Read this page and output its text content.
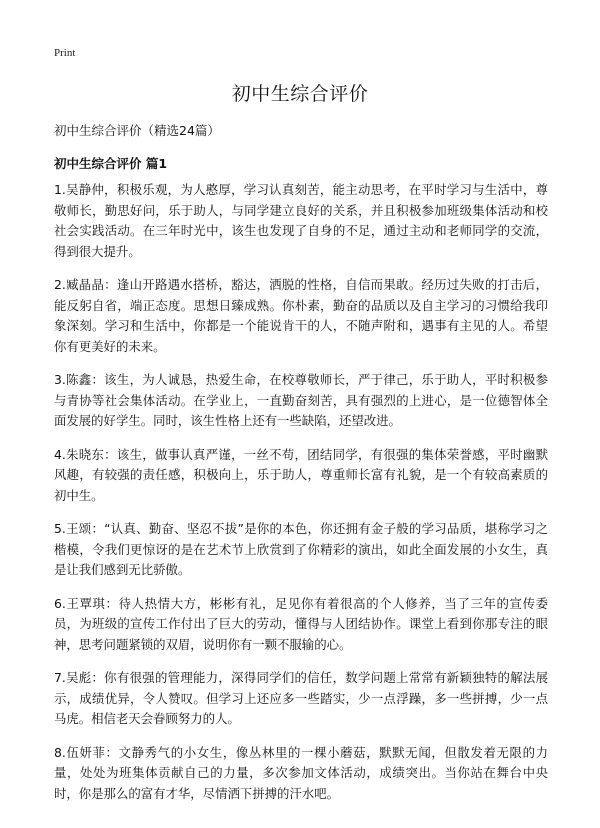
Print
初中生综合评价

初中生综合评价（精选24篇）

初中生综合评价 篇1

1.吴静仲，积极乐观，为人憨厚，学习认真刻苦，能主动思考，在平时学习与生活中，尊敬师长，勤思好问，乐于助人，与同学建立良好的关系，并且积极参加班级集体活动和校社会实践活动。在三年时光中，该生也发现了自身的不足，通过主动和老师同学的交流，得到很大提升。

2.臧晶晶：逢山开路遇水搭桥，豁达，洒脱的性格，自信而果敢。经历过失败的打击后，能反躬自省，端正态度。思想日臻成熟。你朴素，勤奋的品质以及自主学习的习惯给我印象深刻。学习和生活中，你都是一个能说肯干的人，不随声附和，遇事有主见的人。希望你有更美好的未来。

3.陈鑫：该生，为人诚恳，热爱生命，在校尊敬师长，严于律己，乐于助人，平时积极参与青协等社会集体活动。在学业上，一直勤奋刻苦，具有强烈的上进心，是一位德智体全面发展的好学生。同时，该生性格上还有一些缺陷，还望改进。

4.朱晓东：该生，做事认真严谨，一丝不苟，团结同学，有很强的集体荣誉感，平时幽默风趣，有较强的责任感，积极向上，乐于助人，尊重师长富有礼貌，是一个有较高素质的初中生。

5.王颂：“认真、勤奋、坚忍不拔”是你的本色，你还拥有金子般的学习品质，堪称学习之楷模，令我们更惊讶的是在艺术节上欣赏到了你精彩的演出，如此全面发展的小女生，真是让我们感到无比骄傲。

6.王覃琪：待人热情大方，彬彬有礼，足见你有着很高的个人修养，当了三年的宣传委员，为班级的宣传工作付出了巨大的劳动，懂得与人团结协作。课堂上看到你那专注的眼神，思考问题紧锁的双眉，说明你有一颗不服输的心。

7.吴彪：你有很强的管理能力，深得同学们的信任，数学问题上常常有新颖独特的解法展示，成绩优异，令人赞叹。但学习上还应多一些踏实，少一点浮躁，多一些拼搏，少一点马虎。相信老天会眷顾努力的人。

8.伍妍菲：文静秀气的小女生，像丛林里的一棵小蘑菇，默默无闻，但散发着无限的力量，处处为班集体贡献自己的力量，多次参加文体活动，成绩突出。当你站在舞台中央时，你是那么的富有才华，尽情洒下拼搏的汗水吧。
